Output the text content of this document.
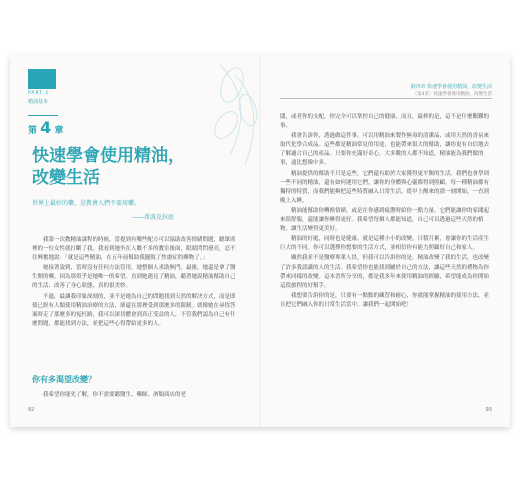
PART 1
精油基本
第 4 章
快速學會使用精油，
改變生活
世界上最好的藥，是教會人們不需用藥。
——希波克拉底

我第一次教精油課程的時候，當提到有哪些配方可以協助改善情緒問題，聽眾席裡的一位女性就打斷了我。我看到她坐在人數不多的教室後面，眼睛閃閃發亮，忍不住興奮地說：「就是這些精油，在五年前幫助我擺脫了焦慮症的藥物了。」

她接著說到，當時沒有任何方法管用，她整個人求助無門。最後，她還是拿了醫生開的藥，因為那似乎是她唯一的希望。直到她遇見了精油，聽著她說精油幫助自己的生活、改善了身心狀態，真的很美妙。

不過，最讓我印象深刻的，並不是她為自己的問題找到天然的解決方式，而是即使已經有人類使用精油治療的方法，卻還在那裡受到那麼多的限制。就像她在尋找答案時走了那麼多的冤枉路，我可以深切體會到真正受益的人，不管我們認為自己有什麼問題，都能找到方法，並把這些心得帶給更多的人。

你有多渴望改變？

我希望你能先了解，你不需要聽醫生、藥師、酒類商店的老

92
第四章 快速學會使用精油，改變生活
〔第4章〕快速學會使用精油，改變生活

闆，或者你的支配，你完全可以掌控自己的健康，而且，最棒的是，這不是什麼艱難的事。

我會告訴你，透過做這件事，可以用精油來製作無毒的清潔品、或用天然的香氛來取代化學合成品。這些都是精油常見的用途，也能帶來很大的幫助，讓你更有自信地去了解適合自己的產品。只要你充滿好奇心，大多數的人都不知道，精油能為我們做的事，遠比想像中多。

精油提供的幫助不只是這些，它們還有助於大家獲得更平衡的生活。我們也會學到一些不同的精油，還有如何運用它們，讓你的身體與心靈都得到照顧。每一種精油都有獨特的特質，而我們能夠把這些特質融入日常生活，從早上醒來的那一刻開始，一直到晚上入睡。

精油能幫助你轉換情緒，或是在你感到疲憊時給你一點力量。它們能讓你的家聞起來很舒服，還能讓你睡得更好。我希望每個人都能知道，自己可以透過這些天然的植物，讓生活變得更美好。

精油的好處，同時也是健康。就是這種小小的改變，日積月累，會讓你的生活產生巨大的不同。你可以選擇你想要的生活方式，並相信你有能力照顧好自己和家人。

雖然我並不是醫療專業人員，但我可以告訴你的是，精油改變了我的生活，也改變了許多我認識的人的生活。我希望你也能找到屬於自己的方法，讓這些天然的禮物為你帶來同樣的改變。這本書所分享的，都是我多年來使用精油的經驗，希望能成為你開始這段旅程的好幫手。

我想要告訴你的是，只要有一點點的練習和耐心，你就能掌握精油的使用方法，並且把它們融入你的日常生活當中。讓我們一起開始吧！

93
